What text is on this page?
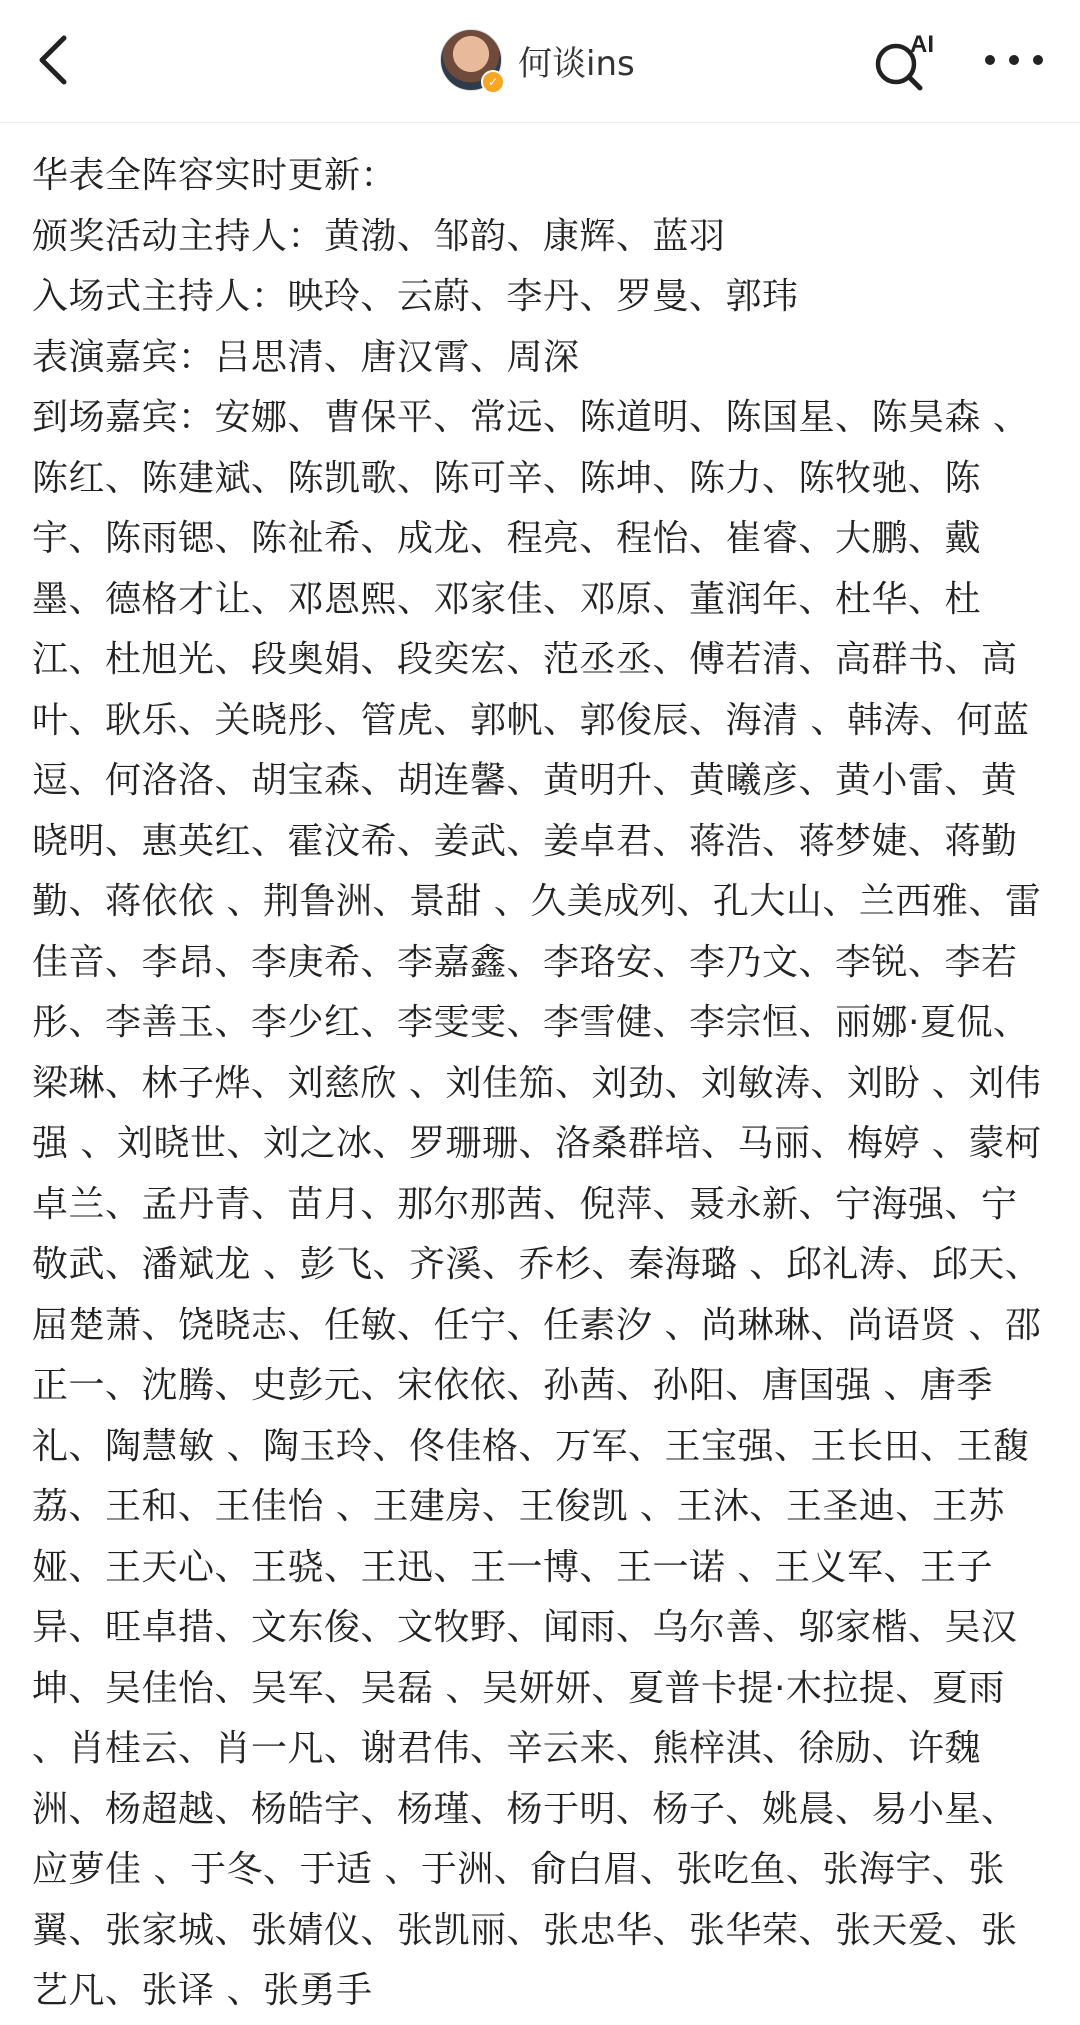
✓ 何谈ins	AI

华表全阵容实时更新：

颁奖活动主持人：黄渤、邹韵、康辉、蓝羽

入场式主持人：映玲、云蔚、李丹、罗曼、郭玮

表演嘉宾：吕思清、唐汉霄、周深

到场嘉宾：安娜、曹保平、常远、陈道明、陈国星、陈昊森 、陈红、陈建斌、陈凯歌、陈可辛、陈坤、陈力、陈牧驰、陈宇、陈雨锶、陈祉希、成龙、程亮、程怡、崔睿、大鹏、戴墨、德格才让、邓恩熙、邓家佳、邓原、董润年、杜华、杜江、杜旭光、段奥娟、段奕宏、范丞丞、傅若清、高群书、高叶、耿乐、关晓彤、管虎、郭帆、郭俊辰、海清 、韩涛、何蓝逗、何洛洛、胡宝森、胡连馨、黄明升、黄曦彦、黄小雷、黄晓明、惠英红、霍汶希、姜武、姜卓君、蒋浩、蒋梦婕、蒋勤勤、蒋依依 、荆鲁洲、景甜 、久美成列、孔大山、兰西雅、雷佳音、李昂、李庚希、李嘉鑫、李珞安、李乃文、李锐、李若彤、李善玉、李少红、李雯雯、李雪健、李宗恒、丽娜·夏侃、梁琳、林子烨、刘慈欣 、刘佳笳、刘劲、刘敏涛、刘盼 、刘伟强 、刘晓世、刘之冰、罗珊珊、洛桑群培、马丽、梅婷 、蒙柯卓兰、孟丹青、苗月、那尔那茜、倪萍、聂永新、宁海强、宁敬武、潘斌龙 、彭飞、齐溪、乔杉、秦海璐 、邱礼涛、邱天、屈楚萧、饶晓志、任敏、任宁、任素汐 、尚琳琳、尚语贤 、邵正一、沈腾、史彭元、宋依依、孙茜、孙阳、唐国强 、唐季礼、陶慧敏 、陶玉玲、佟佳格、万军、王宝强、王长田、王馥荔、王和、王佳怡 、王建房、王俊凯 、王沐、王圣迪、王苏娅、王天心、王骁、王迅、王一博、王一诺 、王义军、王子异、旺卓措、文东俊、文牧野、闻雨、乌尔善、邬家楷、吴汉坤、吴佳怡、吴军、吴磊 、吴妍妍、夏普卡提·木拉提、夏雨 、肖桂云、肖一凡、谢君伟、辛云来、熊梓淇、徐励、许魏洲、杨超越、杨皓宇、杨瑾、杨于明、杨子、姚晨、易小星、应萝佳 、于冬、于适 、于洲、俞白眉、张吃鱼、张海宇、张翼、张家城、张婧仪、张凯丽、张忠华、张华荣、张天爱、张艺凡、张译 、张勇手
